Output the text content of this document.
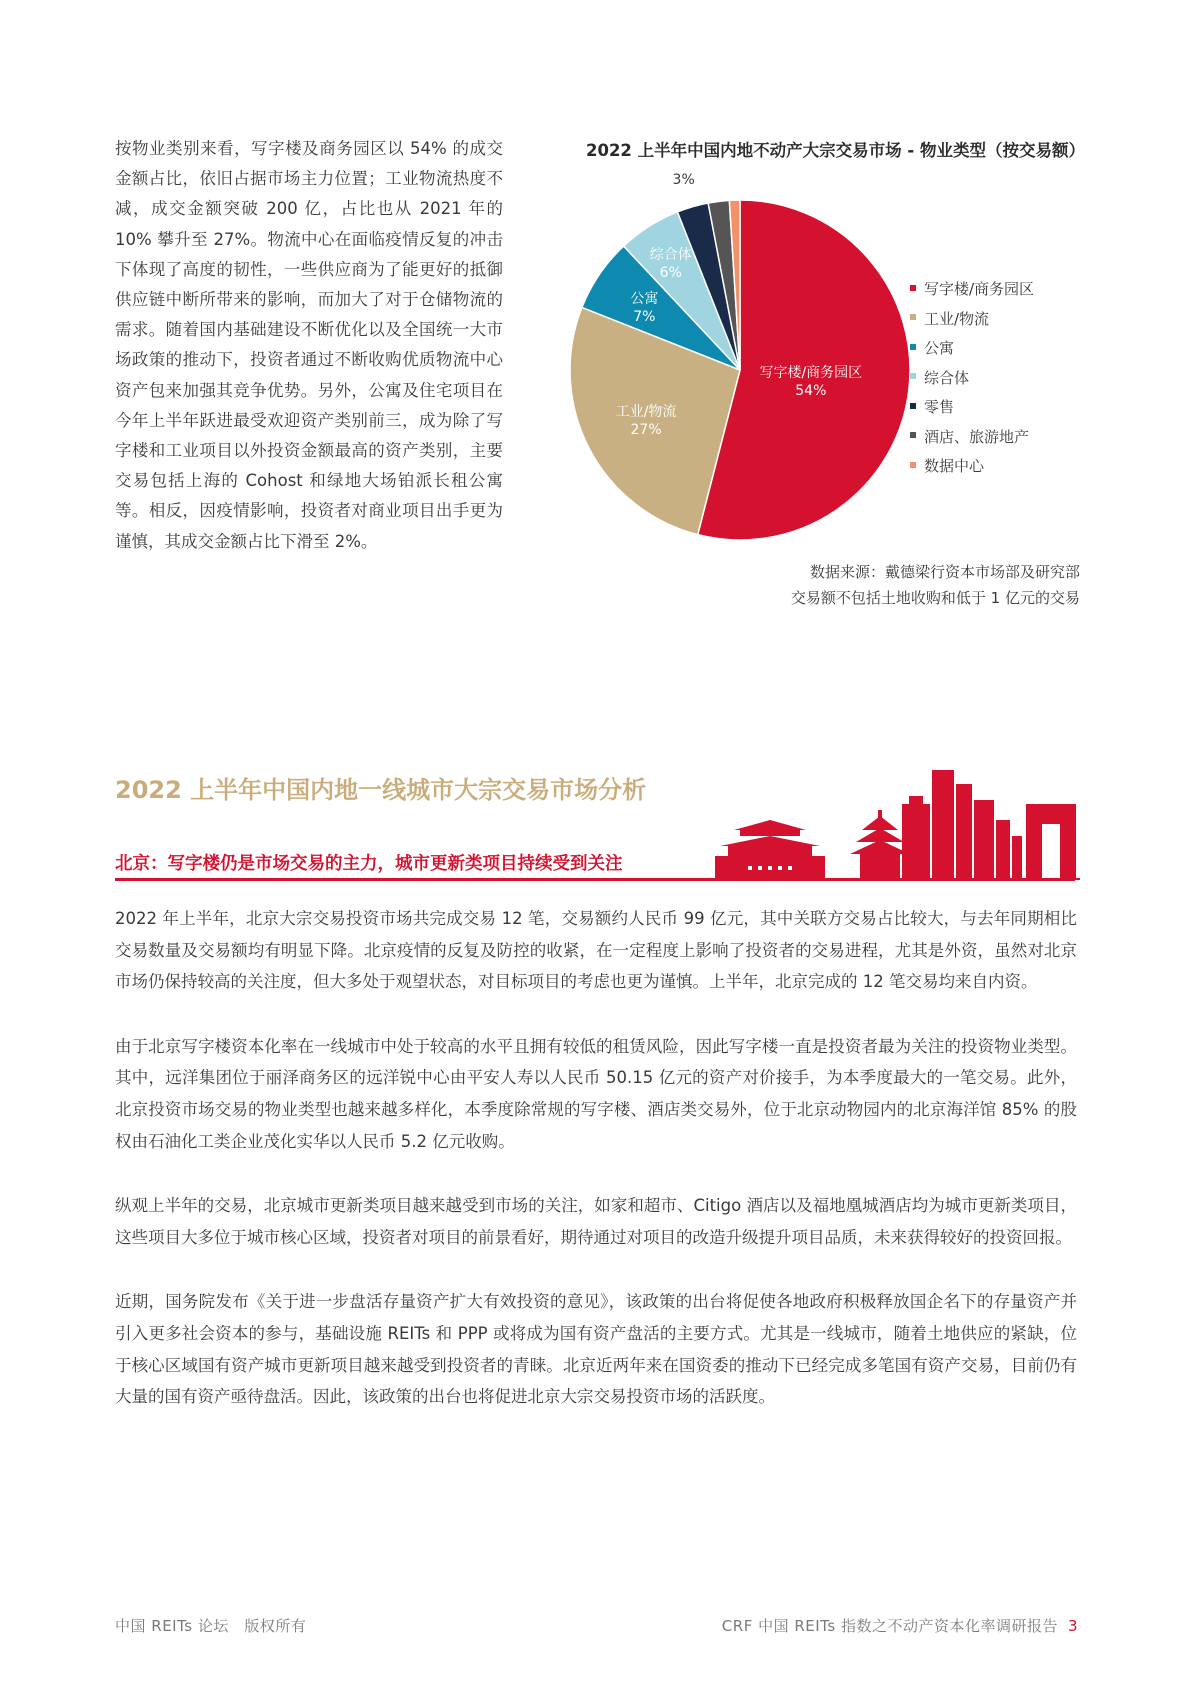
按物业类别来看，写字楼及商务园区以 54% 的成交金额占比，依旧占据市场主力位置；工业物流热度不减，成交金额突破 200 亿，占比也从 2021 年的 10% 攀升至 27%。物流中心在面临疫情反复的冲击下体现了高度的韧性，一些供应商为了能更好的抵御供应链中断所带来的影响，而加大了对于仓储物流的需求。随着国内基础建设不断优化以及全国统一大市场政策的推动下，投资者通过不断收购优质物流中心资产包来加强其竞争优势。另外，公寓及住宅项目在今年上半年跃进最受欢迎资产类别前三，成为除了写字楼和工业项目以外投资金额最高的资产类别，主要交易包括上海的 Cohost 和绿地大场铂派长租公寓等。相反，因疫情影响，投资者对商业项目出手更为谨慎，其成交金额占比下滑至 2%。

2022 上半年中国内地不动产大宗交易市场 - 物业类型（按交易额）

写字楼/商务园区
54%
工业/物流
27%
公寓
7%
综合体
6%
3%
写字楼/商务园区
工业/物流
公寓
综合体
零售
酒店、旅游地产
数据中心
数据来源：戴德梁行资本市场部及研究部
交易额不包括土地收购和低于 1 亿元的交易
2022 上半年中国内地一线城市大宗交易市场分析
北京：写字楼仍是市场交易的主力，城市更新类项目持续受到关注

2022 年上半年，北京大宗交易投资市场共完成交易 12 笔，交易额约人民币 99 亿元，其中关联方交易占比较大，与去年同期相比交易数量及交易额均有明显下降。北京疫情的反复及防控的收紧，在一定程度上影响了投资者的交易进程，尤其是外资，虽然对北京市场仍保持较高的关注度，但大多处于观望状态，对目标项目的考虑也更为谨慎。上半年，北京完成的 12 笔交易均来自内资。

由于北京写字楼资本化率在一线城市中处于较高的水平且拥有较低的租赁风险，因此写字楼一直是投资者最为关注的投资物业类型。其中，远洋集团位于丽泽商务区的远洋锐中心由平安人寿以人民币 50.15 亿元的资产对价接手，为本季度最大的一笔交易。此外，北京投资市场交易的物业类型也越来越多样化，本季度除常规的写字楼、酒店类交易外，位于北京动物园内的北京海洋馆 85% 的股权由石油化工类企业茂化实华以人民币 5.2 亿元收购。

纵观上半年的交易，北京城市更新类项目越来越受到市场的关注，如家和超市、Citigo 酒店以及福地凰城酒店均为城市更新类项目，这些项目大多位于城市核心区域，投资者对项目的前景看好，期待通过对项目的改造升级提升项目品质，未来获得较好的投资回报。

近期，国务院发布《关于进一步盘活存量资产扩大有效投资的意见》，该政策的出台将促使各地政府积极释放国企名下的存量资产并引入更多社会资本的参与，基础设施 REITs 和 PPP 或将成为国有资产盘活的主要方式。尤其是一线城市，随着土地供应的紧缺，位于核心区域国有资产城市更新项目越来越受到投资者的青睐。北京近两年来在国资委的推动下已经完成多笔国有资产交易，目前仍有大量的国有资产亟待盘活。因此，该政策的出台也将促进北京大宗交易投资市场的活跃度。

中国 REITs 论坛　版权所有	CRF 中国 REITs 指数之不动产资本化率调研报告 3
